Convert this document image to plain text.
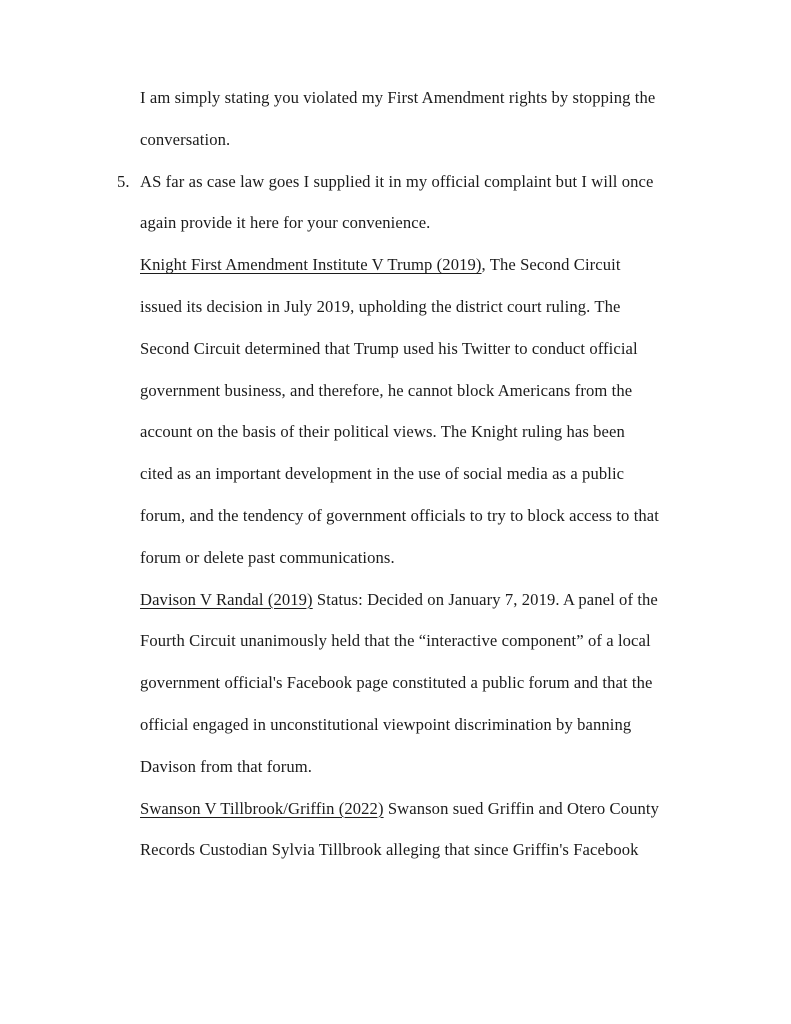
I am simply stating you violated my First Amendment rights by stopping the
conversation.
5. AS far as case law goes I supplied it in my official complaint but I will once
again provide it here for your convenience.
Knight First Amendment Institute V Trump (2019), The Second Circuit
issued its decision in July 2019, upholding the district court ruling. The
Second Circuit determined that Trump used his Twitter to conduct official
government business, and therefore, he cannot block Americans from the
account on the basis of their political views. The Knight ruling has been
cited as an important development in the use of social media as a public
forum, and the tendency of government officials to try to block access to that
forum or delete past communications.
Davison V Randal (2019) Status: Decided on January 7, 2019. A panel of the
Fourth Circuit unanimously held that the “interactive component” of a local
government official's Facebook page constituted a public forum and that the
official engaged in unconstitutional viewpoint discrimination by banning
Davison from that forum.
Swanson V Tillbrook/Griffin (2022) Swanson sued Griffin and Otero County
Records Custodian Sylvia Tillbrook alleging that since Griffin's Facebook
